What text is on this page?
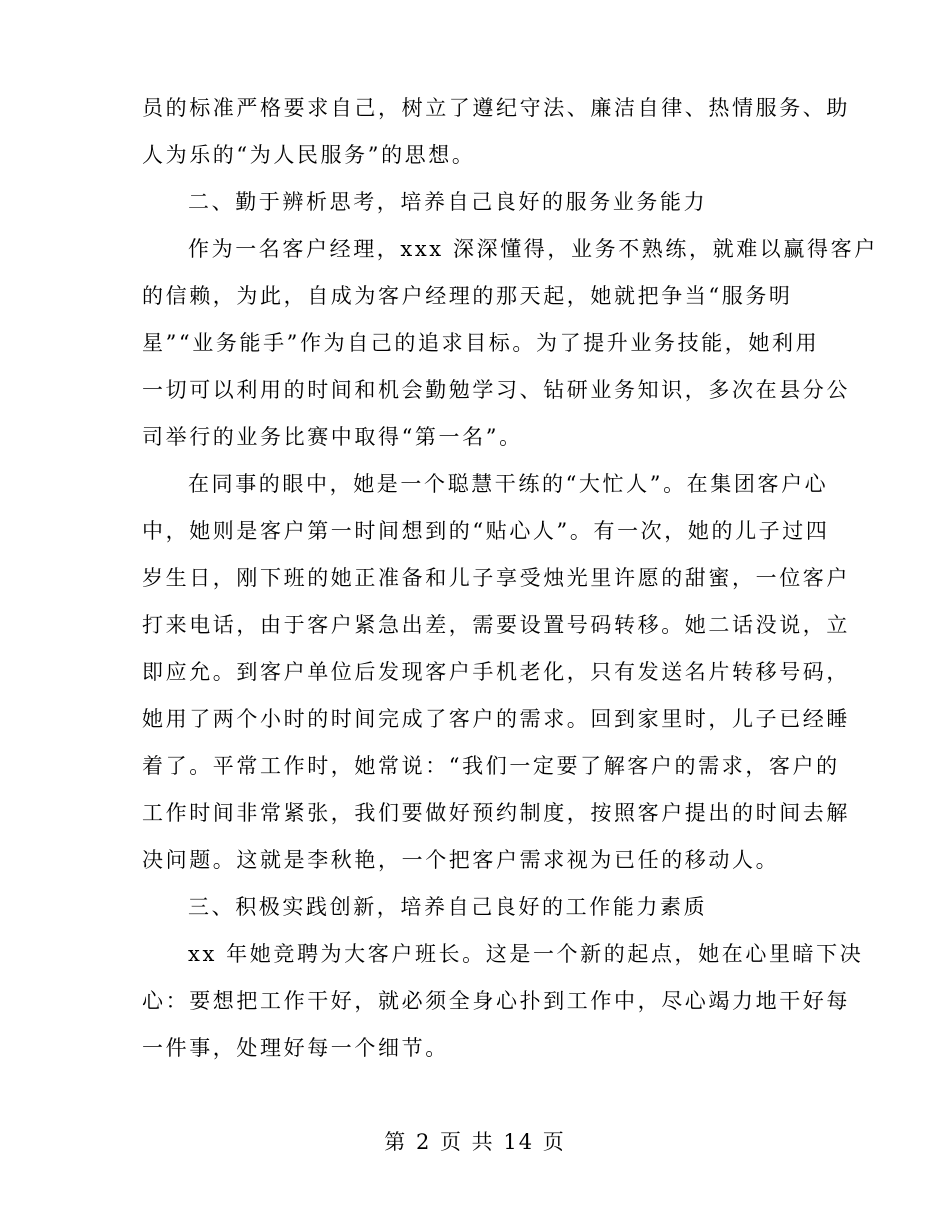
员的标准严格要求自己，树立了遵纪守法、廉洁自律、热情服务、助
人为乐的“为人民服务”的思想。
二、勤于辨析思考，培养自己良好的服务业务能力
作为一名客户经理，xxx 深深懂得，业务不熟练，就难以赢得客户
的信赖，为此，自成为客户经理的那天起，她就把争当“服务明
星”“业务能手”作为自己的追求目标。为了提升业务技能，她利用
一切可以利用的时间和机会勤勉学习、钻研业务知识，多次在县分公
司举行的业务比赛中取得“第一名”。
在同事的眼中，她是一个聪慧干练的“大忙人”。在集团客户心
中，她则是客户第一时间想到的“贴心人”。有一次，她的儿子过四
岁生日，刚下班的她正准备和儿子享受烛光里许愿的甜蜜，一位客户
打来电话，由于客户紧急出差，需要设置号码转移。她二话没说，立
即应允。到客户单位后发现客户手机老化，只有发送名片转移号码，
她用了两个小时的时间完成了客户的需求。回到家里时，儿子已经睡
着了。平常工作时，她常说：“我们一定要了解客户的需求，客户的
工作时间非常紧张，我们要做好预约制度，按照客户提出的时间去解
决问题。这就是李秋艳，一个把客户需求视为已任的移动人。
三、积极实践创新，培养自己良好的工作能力素质
xx 年她竞聘为大客户班长。这是一个新的起点，她在心里暗下决
心：要想把工作干好，就必须全身心扑到工作中，尽心竭力地干好每
一件事，处理好每一个细节。
第 2 页 共 14 页
